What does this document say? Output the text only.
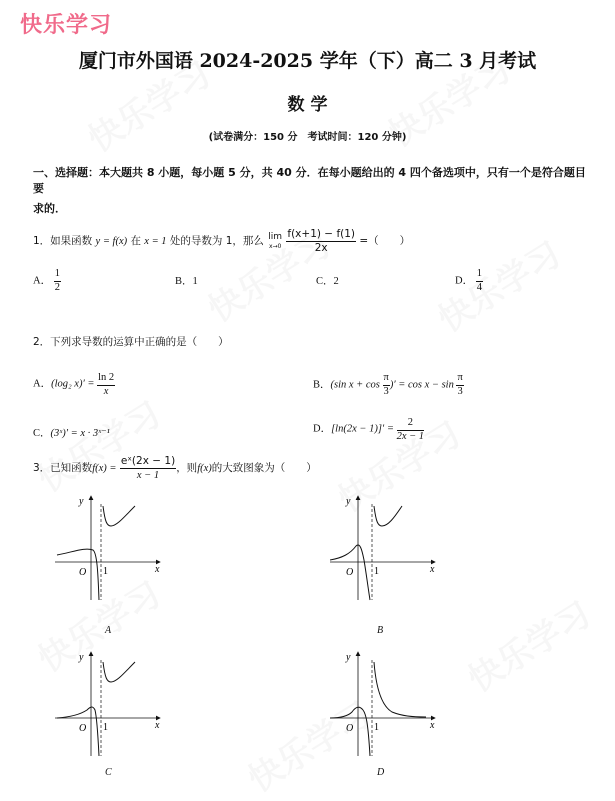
快乐学习
厦门市外国语 2024-2025 学年（下）高二 3 月考试
数 学
(试卷满分：150 分　考试时间：120 分钟)
一、选择题：本大题共 8 小题，每小题 5 分，共 40 分．在每小题给出的 4 四个备选项中，只有一个是符合题目要
求的．
1．如果函数 y = f(x) 在 x = 1 处的导数为 1，那么 lim
x→0
$\frac{f(x+1) - f(1)}{2x}$ =（　　）
A． $\frac{1}{2}$	B．1	C．2	D． $\frac{1}{4}$
2．下列求导数的运算中正确的是（　　）
A．(log₂ $x)' = \frac{\ln 2}{x}$	B．(sin $x + \cos \frac{\pi}{3}$ )′ = $\cos x - \sin \frac{\pi}{3}$
C．(3ˣ)′ = x · 3ˣ⁻¹	D．$[\ln(2x - 1)]' = \frac{2}{2x - 1}$
3．已知函数$f(x) = \frac{\text{eˣ(2x − 1)}}{x - 1}$，则f(x)的大致图象为（　　）
O 1	x
y
A
O 1	x
y
B
O 1	x
y
C
O 1	x
y
D
